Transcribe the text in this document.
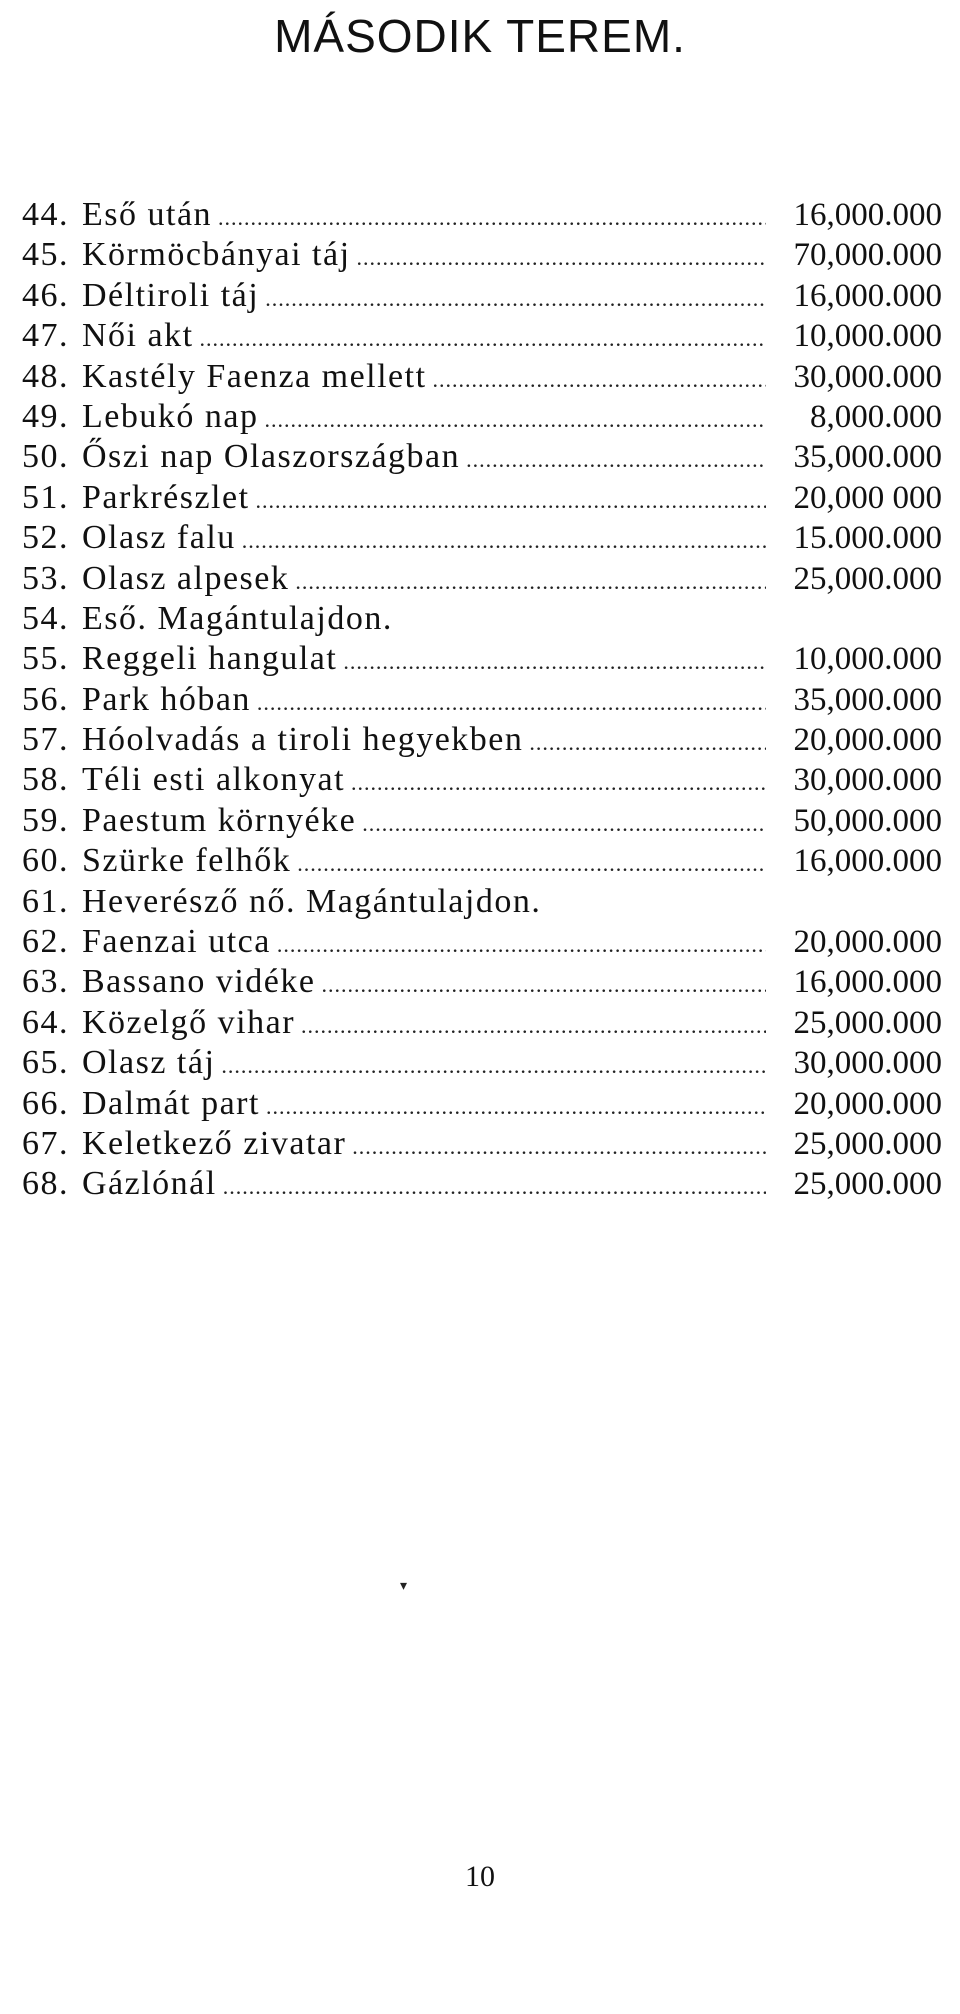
MÁSODIK TEREM.
44. Eső után .....	16,000.000
45. Körmöcbányai táj .....	70,000.000
46. Déltiroli táj .....	16,000.000
47. Női akt .....	10,000.000
48. Kastély Faenza mellett .....	30,000.000
49. Lebukó nap .....	8,000.000
50. Őszi nap Olaszországban .....	35,000.000
51. Parkrészlet .....	20,000 000
52. Olasz falu .....	15.000.000
53. Olasz alpesek .....	25,000.000
54. Eső. Magántulajdon.
55. Reggeli hangulat .....	10,000.000
56. Park hóban .....	35,000.000
57. Hóolvadás a tiroli hegyekben .....	20,000.000
58. Téli esti alkonyat .....	30,000.000
59. Paestum környéke .....	50,000.000
60. Szürke felhők .....	16,000.000
61. Heverésző nő. Magántulajdon.
62. Faenzai utca .....	20,000.000
63. Bassano vidéke .....	16,000.000
64. Közelgő vihar .....	25,000.000
65. Olasz táj .....	30,000.000
66. Dalmát part .....	20,000.000
67. Keletkező zivatar .....	25,000.000
68. Gázlónál .....	25,000.000
▾
10
